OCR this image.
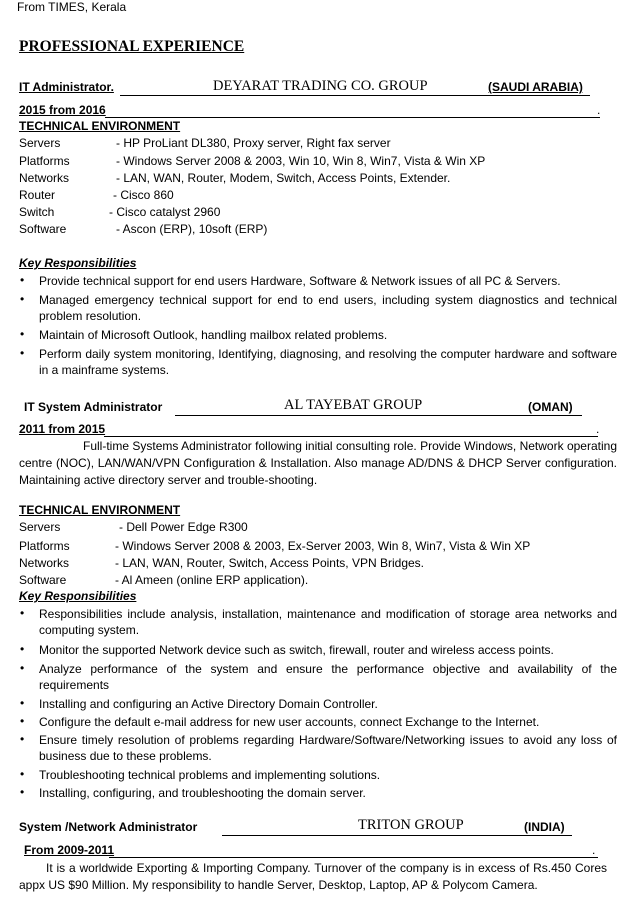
From TIMES, Kerala
PROFESSIONAL EXPERIENCE
IT Administrator.	DEYARAT TRADING CO. GROUP	(SAUDI ARABIA)
2015 from 2016	.
TECHNICAL ENVIRONMENT
Servers	- HP ProLiant DL380, Proxy server, Right fax server
Platforms	- Windows Server 2008 & 2003, Win 10, Win 8, Win7, Vista & Win XP
Networks	- LAN, WAN, Router, Modem, Switch, Access Points, Extender.
Router	- Cisco 860
Switch	- Cisco catalyst 2960
Software	- Ascon (ERP), 10soft (ERP)
Key Responsibilities
•	Provide technical support for end users Hardware, Software & Network issues of all PC & Servers.
•	Managed emergency technical support for end to end users, including system diagnostics and technical problem resolution.
•	Maintain of Microsoft Outlook, handling mailbox related problems.
•	Perform daily system monitoring, Identifying, diagnosing, and resolving the computer hardware and software in a mainframe systems.
IT System Administrator	AL TAYEBAT GROUP	(OMAN)
2011 from 2015	.
Full-time Systems Administrator following initial consulting role. Provide Windows, Network operating centre (NOC), LAN/WAN/VPN Configuration & Installation. Also manage AD/DNS & DHCP Server configuration. Maintaining active directory server and trouble-shooting.
TECHNICAL ENVIRONMENT
Servers	- Dell Power Edge R300
Platforms	- Windows Server 2008 & 2003, Ex-Server 2003, Win 8, Win7, Vista & Win XP
Networks	- LAN, WAN, Router, Switch, Access Points, VPN Bridges.
Software	- Al Ameen (online ERP application).
Key Responsibilities
•	Responsibilities include analysis, installation, maintenance and modification of storage area networks and computing system.
•	Monitor the supported Network device such as switch, firewall, router and wireless access points.
•	Analyze performance of the system and ensure the performance objective and availability of the requirements
•	Installing and configuring an Active Directory Domain Controller.
•	Configure the default e-mail address for new user accounts, connect Exchange to the Internet.
•	Ensure timely resolution of problems regarding Hardware/Software/Networking issues to avoid any loss of business due to these problems.
•	Troubleshooting technical problems and implementing solutions.
•	Installing, configuring, and troubleshooting the domain server.
System /Network Administrator	TRITON GROUP	(INDIA)
From 2009-2011	.
It is a worldwide Exporting & Importing Company. Turnover of the company is in excess of Rs.450 Cores appx US $90 Million. My responsibility to handle Server, Desktop, Laptop, AP & Polycom Camera.
